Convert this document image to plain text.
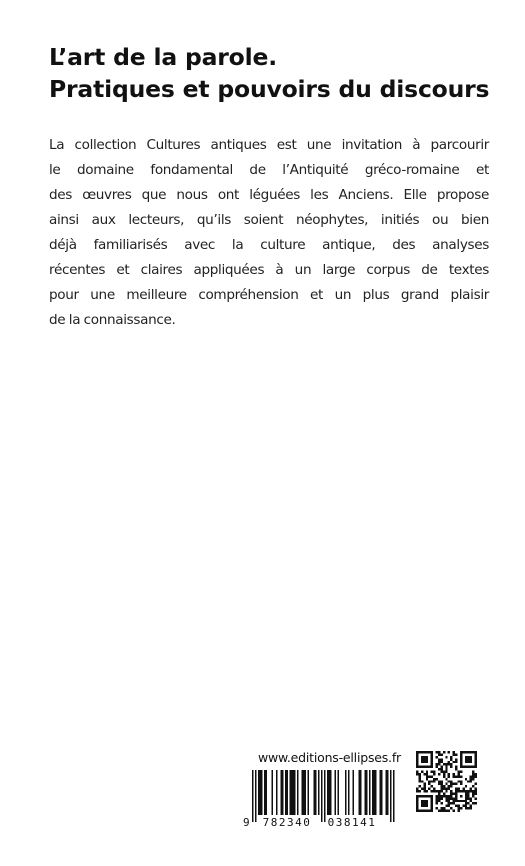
L’art de la parole.
Pratiques et pouvoirs du discours
La collection Cultures antiques est une invitation à parcourir
le domaine fondamental de l’Antiquité gréco-romaine et
des œuvres que nous ont léguées les Anciens. Elle propose
ainsi aux lecteurs, qu’ils soient néophytes, initiés ou bien
déjà familiarisés avec la culture antique, des analyses
récentes et claires appliquées à un large corpus de textes
pour une meilleure compréhension et un plus grand plaisir
de la connaissance.
www.editions-ellipses.fr
9 782340 038141
